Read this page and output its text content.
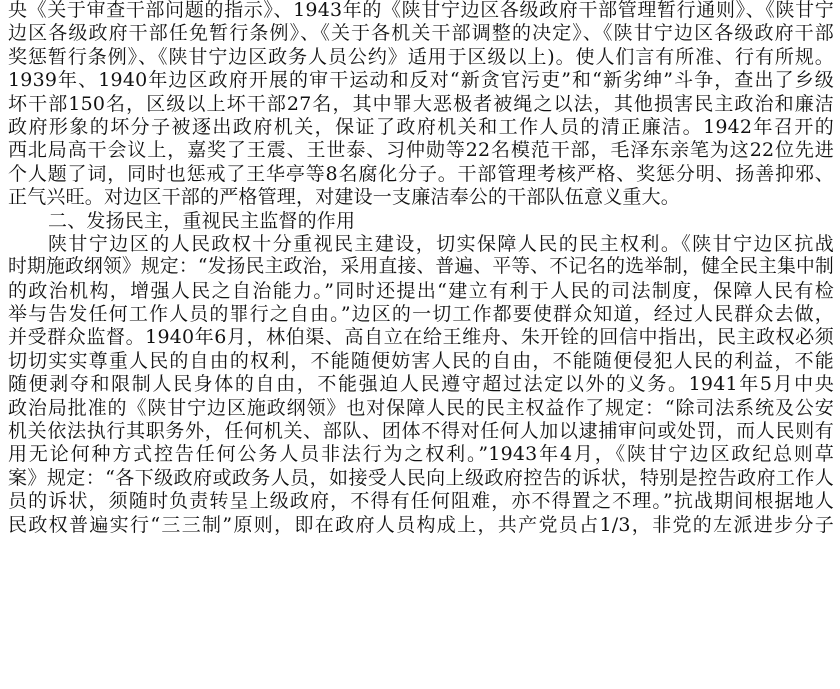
央《关于审查干部问题的指示》、1943年的《陕甘宁边区各级政府干部管理暂行通则》、《陕甘宁
边区各级政府干部任免暂行条例》、《关于各机关干部调整的决定》、《陕甘宁边区各级政府干部
奖惩暂行条例》、《陕甘宁边区政务人员公约》适用于区级以上)。使人们言有所准、行有所规。
1939年、1940年边区政府开展的审干运动和反对“新贪官污吏”和“新劣绅”斗争，查出了乡级
坏干部150名，区级以上坏干部27名，其中罪大恶极者被绳之以法，其他损害民主政治和廉洁
政府形象的坏分子被逐出政府机关，保证了政府机关和工作人员的清正廉洁。1942年召开的
西北局高干会议上，嘉奖了王震、王世泰、习仲勋等22名模范干部，毛泽东亲笔为这22位先进
个人题了词，同时也惩戒了王华亭等8名腐化分子。干部管理考核严格、奖惩分明、扬善抑邪、
正气兴旺。对边区干部的严格管理，对建设一支廉洁奉公的干部队伍意义重大。
二、发扬民主，重视民主监督的作用
陕甘宁边区的人民政权十分重视民主建设，切实保障人民的民主权利。《陕甘宁边区抗战
时期施政纲领》规定：“发扬民主政治，采用直接、普遍、平等、不记名的选举制，健全民主集中制
的政治机构，增强人民之自治能力。”同时还提出“建立有利于人民的司法制度，保障人民有检
举与告发任何工作人员的罪行之自由。”边区的一切工作都要使群众知道，经过人民群众去做，
并受群众监督。1940年6月，林伯渠、高自立在给王维舟、朱开铨的回信中指出，民主政权必须
切切实实尊重人民的自由的权利，不能随便妨害人民的自由，不能随便侵犯人民的利益，不能
随便剥夺和限制人民身体的自由，不能强迫人民遵守超过法定以外的义务。1941年5月中央
政治局批准的《陕甘宁边区施政纲领》也对保障人民的民主权益作了规定：“除司法系统及公安
机关依法执行其职务外，任何机关、部队、团体不得对任何人加以逮捕审问或处罚，而人民则有
用无论何种方式控告任何公务人员非法行为之权利。”1943年4月，《陕甘宁边区政纪总则草
案》规定：“各下级政府或政务人员，如接受人民向上级政府控告的诉状，特别是控告政府工作人
员的诉状，须随时负责转呈上级政府，不得有任何阻难，亦不得置之不理。”抗战期间根据地人
民政权普遍实行“三三制”原则，即在政府人员构成上，共产党员占1/3，非党的左派进步分子
